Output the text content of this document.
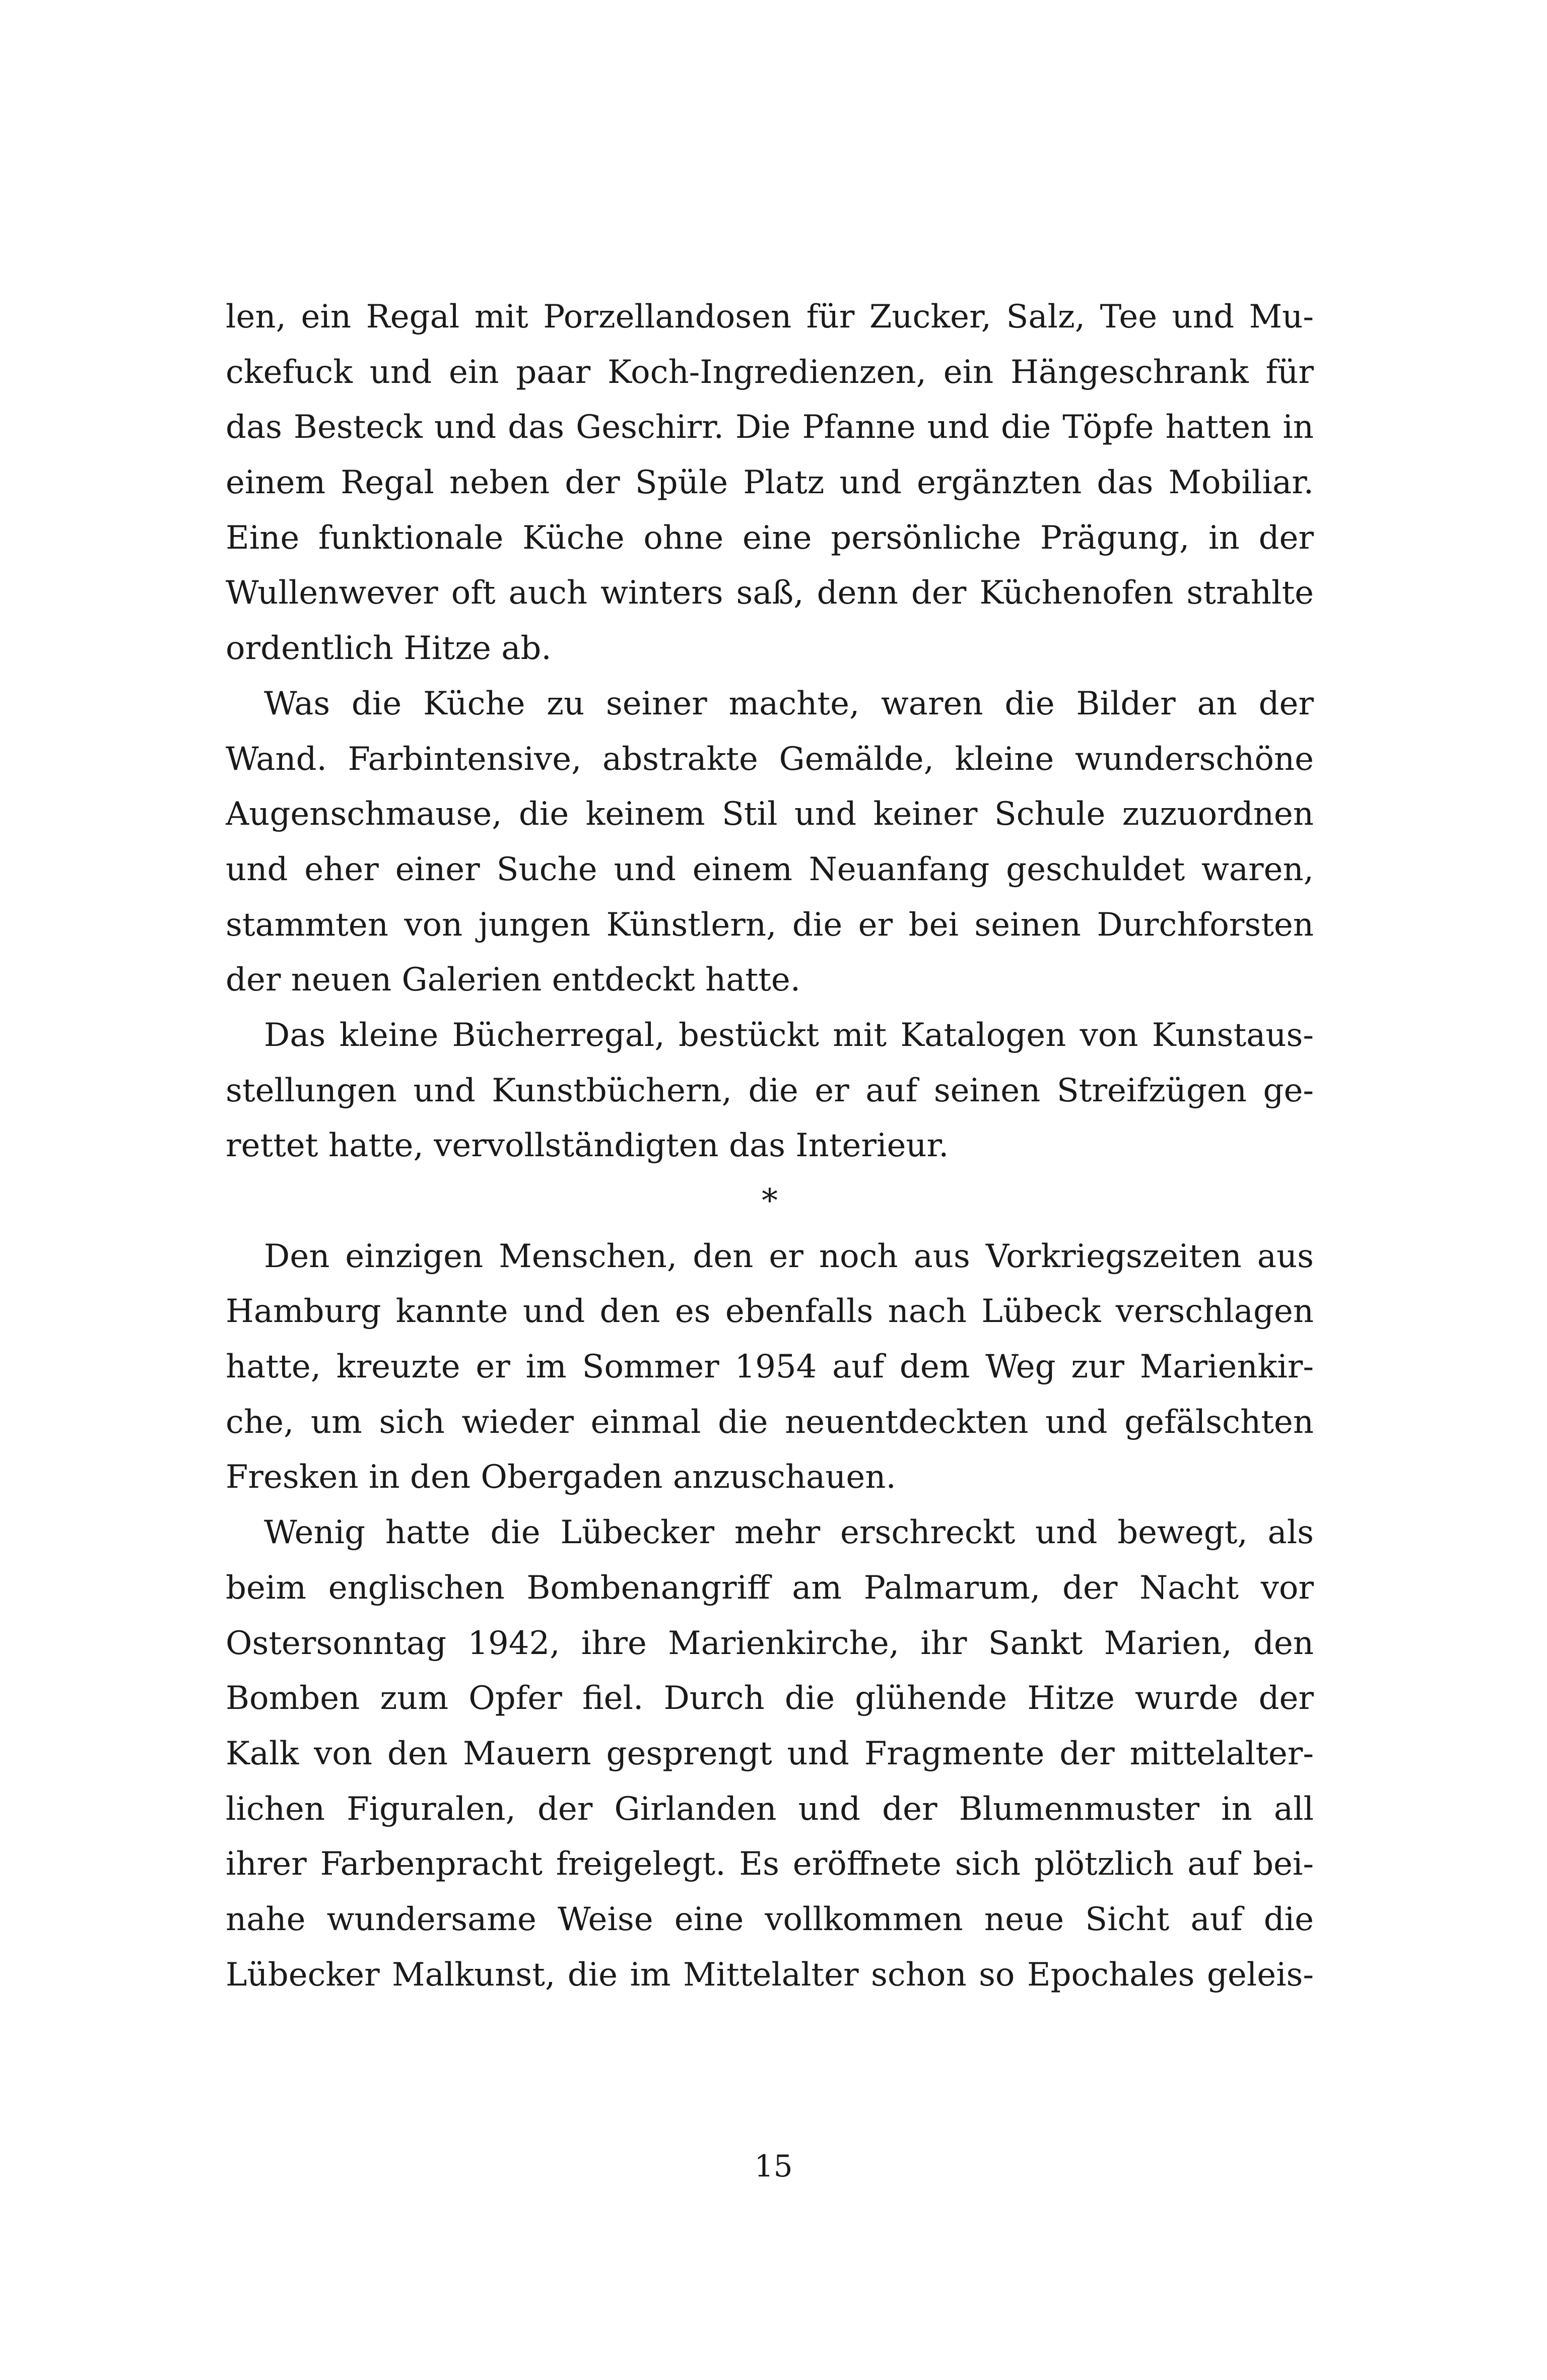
len, ein Regal mit Porzellandosen für Zucker, Salz, Tee und Mu-
ckefuck und ein paar Koch-Ingredienzen, ein Hängeschrank für
das Besteck und das Geschirr. Die Pfanne und die Töpfe hatten in
einem Regal neben der Spüle Platz und ergänzten das Mobiliar.
Eine funktionale Küche ohne eine persönliche Prägung, in der
Wullenwever oft auch winters saß, denn der Küchenofen strahlte
ordentlich Hitze ab.
Was die Küche zu seiner machte, waren die Bilder an der
Wand. Farbintensive, abstrakte Gemälde, kleine wunderschöne
Augenschmause, die keinem Stil und keiner Schule zuzuordnen
und eher einer Suche und einem Neuanfang geschuldet waren,
stammten von jungen Künstlern, die er bei seinen Durchforsten
der neuen Galerien entdeckt hatte.
Das kleine Bücherregal, bestückt mit Katalogen von Kunstaus-
stellungen und Kunstbüchern, die er auf seinen Streifzügen ge-
rettet hatte, vervollständigten das Interieur.
*
Den einzigen Menschen, den er noch aus Vorkriegszeiten aus
Hamburg kannte und den es ebenfalls nach Lübeck verschlagen
hatte, kreuzte er im Sommer 1954 auf dem Weg zur Marienkir-
che, um sich wieder einmal die neuentdeckten und gefälschten
Fresken in den Obergaden anzuschauen.
Wenig hatte die Lübecker mehr erschreckt und bewegt, als
beim englischen Bombenangriff am Palmarum, der Nacht vor
Ostersonntag 1942, ihre Marienkirche, ihr Sankt Marien, den
Bomben zum Opfer fiel. Durch die glühende Hitze wurde der
Kalk von den Mauern gesprengt und Fragmente der mittelalter-
lichen Figuralen, der Girlanden und der Blumenmuster in all
ihrer Farbenpracht freigelegt. Es eröffnete sich plötzlich auf bei-
nahe wundersame Weise eine vollkommen neue Sicht auf die
Lübecker Malkunst, die im Mittelalter schon so Epochales geleis-
15
